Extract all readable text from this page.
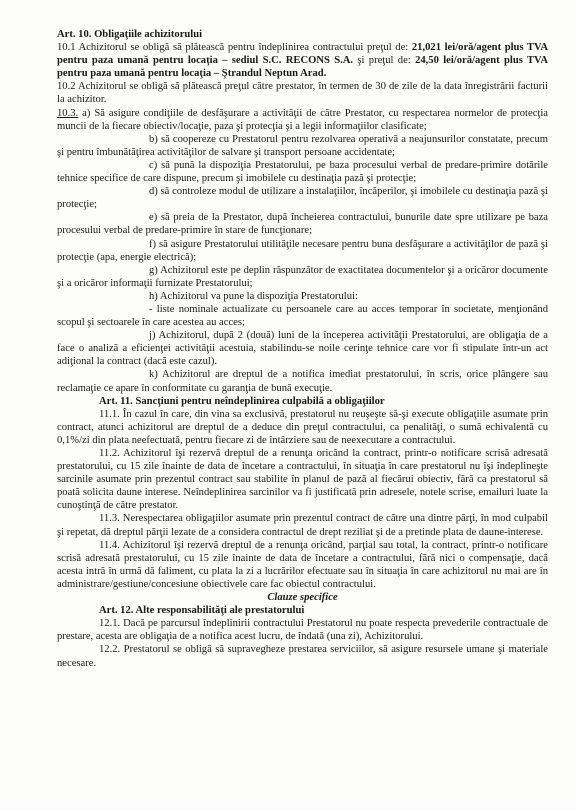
Art. 10. Obligaţiile achizitorului

10.1 Achizitorul se obligă să plătească pentru îndeplinirea contractului preţul de: 21,021 lei/oră/agent plus TVA pentru paza umană pentru locaţia – sediul S.C. RECONS S.A. şi preţul de: 24,50 lei/oră/agent plus TVA pentru paza umană pentru locaţia – Ştrandul Neptun Arad.

10.2 Achizitorul se obligă să plătească preţul către prestator, în termen de 30 de zile de la data înregistrării facturii la achizitor.

10.3. a) Să asigure condiţiile de desfăşurare a activităţii de către Prestator, cu respectarea normelor de protecţia muncii de la fiecare obiectiv/locaţie, paza şi protecţia şi a legii informaţiilor clasificate;

b) să coopereze cu Prestatorul pentru rezolvarea operativă a neajunsurilor constatate, precum şi pentru îmbunătăţirea activităţilor de salvare şi transport persoane accidentate;

c) să pună la dispoziţia Prestatorului, pe baza procesului verbal de predare-primire dotările tehnice specifice de care dispune, precum şi imobilele cu destinaţia pază şi protecţie;

d) să controleze modul de utilizare a instalaţiilor, încăperilor, şi imobilele cu destinaţia pază şi protecţie;

e) să preia de la Prestator, după încheierea contractului, bunurile date spre utilizare pe baza procesului verbal de predare-primire în stare de funcţionare;

f) să asigure Prestatorului utilităţile necesare pentru buna desfăşurare a activităţilor de pază şi protecţie (apa, energie electrică);

g) Achizitorul este pe deplin răspunzător de exactitatea documentelor şi a oricăror documente şi a oricăror informaţii furnizate Prestatorului;

h) Achizitorul va pune la dispoziţia Prestatorului:

- liste nominale actualizate cu persoanele care au acces temporar în societate, menţionând scopul şi sectoarele în care acestea au acces;

j) Achizitorul, după 2 (două) luni de la începerea activităţii Prestatorului, are obligaţia de a face o analiză a eficienţei activităţii acestuia, stabilindu-se noile cerinţe tehnice care vor fi stipulate într-un act adiţional la contract (dacă este cazul).

k) Achizitorul are dreptul de a notifica imediat prestatorului, în scris, orice plângere sau reclamaţie ce apare în conformitate cu garanţia de bună execuţie.

Art. 11. Sancţiuni pentru neîndeplinirea culpabilă a obligaţiilor

11.1. În cazul în care, din vina sa exclusivă, prestatorul nu reuşeşte să-şi execute obligaţiile asumate prin contract, atunci achizitorul are dreptul de a deduce din preţul contractului, ca penalităţi, o sumă echivalentă cu 0,1%/zi din plata neefectuată, pentru fiecare zi de întârziere sau de neexecutare a contractului.

11.2. Achizitorul îşi rezervă dreptul de a renunţa oricând la contract, printr-o notificare scrisă adresată prestatorului, cu 15 zile înainte de data de încetare a contractului, în situaţia în care prestatorul nu îşi îndeplineşte sarcinile asumate prin prezentul contract sau stabilite în planul de pază al fiecărui obiectiv, fără ca prestatorul să poată solicita daune interese. Neîndeplinirea sarcinilor va fi justificată prin adresele, notele scrise, emailuri luate la cunoştinţă de către prestator.

11.3. Nerespectarea obligaţiilor asumate prin prezentul contract de către una dintre părţi, în mod culpabil şi repetat, dă dreptul părţii lezate de a considera contractul de drept reziliat şi de a pretinde plata de daune-interese.

11.4. Achizitorul îşi rezervă dreptul de a renunţa oricând, parţial sau total, la contract, printr-o notificare scrisă adresată prestatorului, cu 15 zile înainte de data de încetare a contractului, fără nici o compensaţie, dacă acesta intră în urmă dă faliment, cu plata la zi a lucrărilor efectuate sau în situaţia în care achizitorul nu mai are în administrare/gestiune/concesiune obiectivele care fac obiectul contractului.

Clauze specifice

Art. 12. Alte responsabilităţi ale prestatorului

12.1. Dacă pe parcursul îndeplinirii contractului Prestatorul nu poate respecta prevederile contractuale de prestare, acesta are obligaţia de a notifica acest lucru, de îndată (una zi), Achizitorului.

12.2. Prestatorul se obligă să supravegheze prestarea serviciilor, să asigure resursele umane şi materiale necesare.
